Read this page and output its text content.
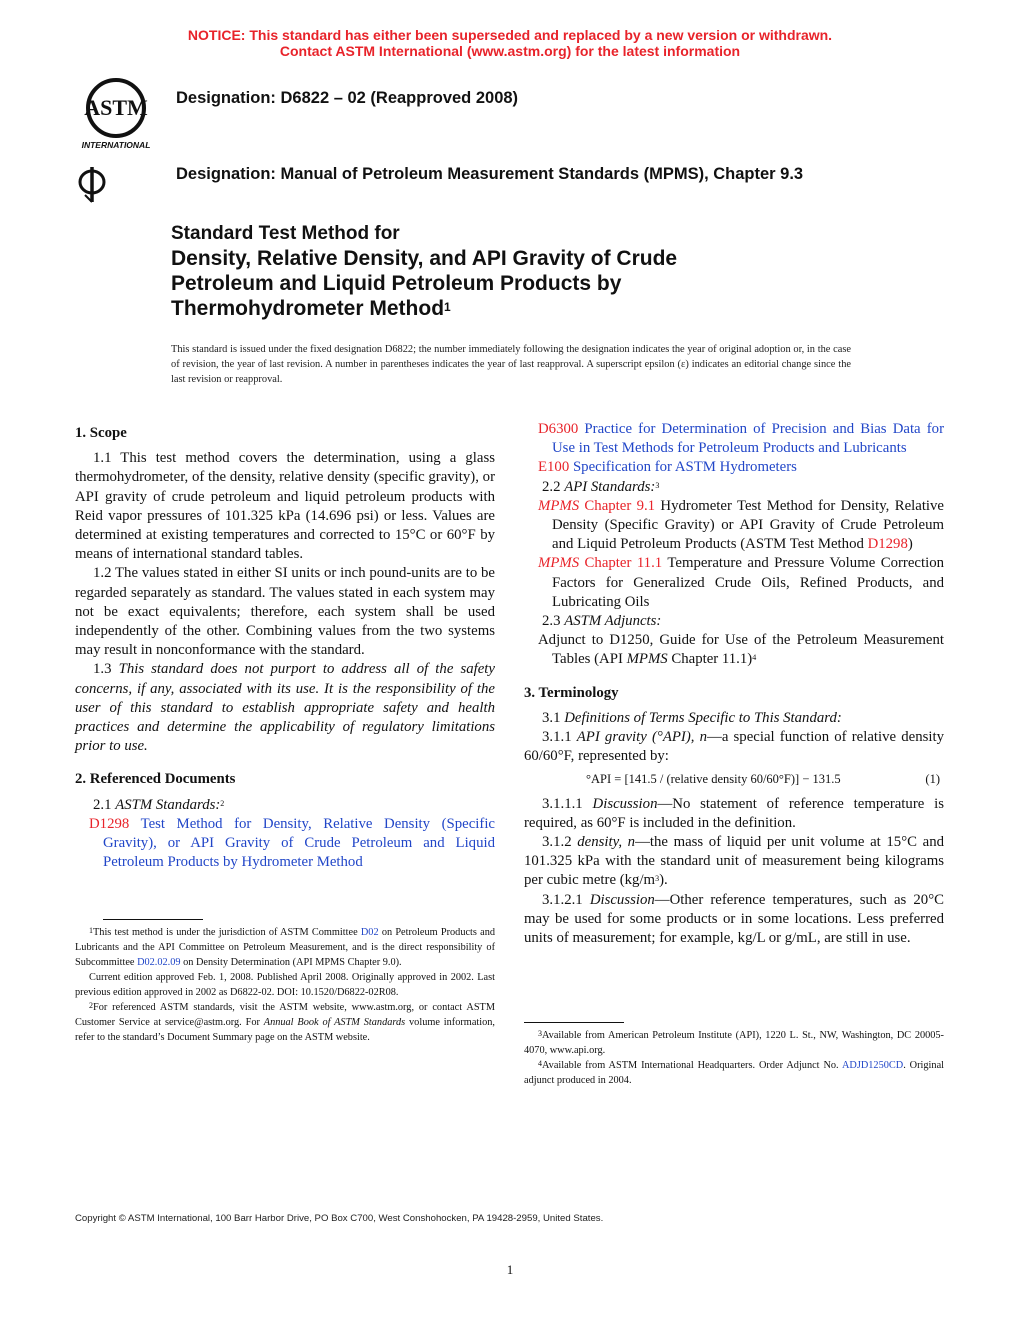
NOTICE: This standard has either been superseded and replaced by a new version or withdrawn.
Contact ASTM International (www.astm.org) for the latest information
ASTM
INTERNATIONAL
Designation: D6822 – 02 (Reapproved 2008)
Designation: Manual of Petroleum Measurement Standards (MPMS), Chapter 9.3
Standard Test Method for
Density, Relative Density, and API Gravity of Crude
Petroleum and Liquid Petroleum Products by
Thermohydrometer Method$^1$
This standard is issued under the fixed designation D6822; the number immediately following the designation indicates the year of original adoption or, in the case of revision, the year of last revision. A number in parentheses indicates the year of last reapproval. A superscript epsilon (ε) indicates an editorial change since the last revision or reapproval.
1. Scope

1.1 This test method covers the determination, using a glass thermohydrometer, of the density, relative density (specific gravity), or API gravity of crude petroleum and liquid petroleum products with Reid vapor pressures of 101.325 kPa (14.696 psi) or less. Values are determined at existing temperatures and corrected to 15°C or 60°F by means of international standard tables.

1.2 The values stated in either SI units or inch pound-units are to be regarded separately as standard. The values stated in each system may not be exact equivalents; therefore, each system shall be used independently of the other. Combining values from the two systems may result in nonconformance with the standard.

1.3 This standard does not purport to address all of the safety concerns, if any, associated with its use. It is the responsibility of the user of this standard to establish appropriate safety and health practices and determine the applicability of regulatory limitations prior to use.

2. Referenced Documents

2.1 ASTM Standards:$^2$

D1298 Test Method for Density, Relative Density (Specific Gravity), or API Gravity of Crude Petroleum and Liquid Petroleum Products by Hydrometer Method
D6300 Practice for Determination of Precision and Bias Data for Use in Test Methods for Petroleum Products and Lubricants
E100 Specification for ASTM Hydrometers

2.2 API Standards:$^3$

MPMS Chapter 9.1 Hydrometer Test Method for Density, Relative Density (Specific Gravity) or API Gravity of Crude Petroleum and Liquid Petroleum Products (ASTM Test Method D1298)
MPMS Chapter 11.1 Temperature and Pressure Volume Correction Factors for Generalized Crude Oils, Refined Products, and Lubricating Oils

2.3 ASTM Adjuncts:

Adjunct to D1250, Guide for Use of the Petroleum Measurement Tables (API MPMS Chapter 11.1)$^4$
3. Terminology

3.1 Definitions of Terms Specific to This Standard:

3.1.1 API gravity (°API), n—a special function of relative density 60/60°F, represented by:

°API = [141.5 / (relative density 60/60°F)] − 131.5	(1)

3.1.1.1 Discussion—No statement of reference temperature is required, as 60°F is included in the definition.

3.1.2 density, n—the mass of liquid per unit volume at 15°C and 101.325 kPa with the standard unit of measurement being kilograms per cubic metre $(kg/m^3)$.

3.1.2.1 Discussion—Other reference temperatures, such as 20°C may be used for some products or in some locations. Less preferred units of measurement; for example, kg/L or g/mL, are still in use.

$^1$This test method is under the jurisdiction of ASTM Committee D02 on Petroleum Products and Lubricants and the API Committee on Petroleum Measurement, and is the direct responsibility of Subcommittee D02.02.09 on Density Determination (API MPMS Chapter 9.0).

Current edition approved Feb. 1, 2008. Published April 2008. Originally approved in 2002. Last previous edition approved in 2002 as D6822-02. DOI: 10.1520/D6822-02R08.

$^2$For referenced ASTM standards, visit the ASTM website, www.astm.org, or contact ASTM Customer Service at service@astm.org. For Annual Book of ASTM Standards volume information, refer to the standard’s Document Summary page on the ASTM website.	$^3$Available from American Petroleum Institute (API), 1220 L. St., NW, Washington, DC 20005-4070, www.api.org.

$^4$Available from ASTM International Headquarters. Order Adjunct No. ADJD1250CD. Original adjunct produced in 2004.

Copyright © ASTM International, 100 Barr Harbor Drive, PO Box C700, West Conshohocken, PA 19428-2959, United States.
1
